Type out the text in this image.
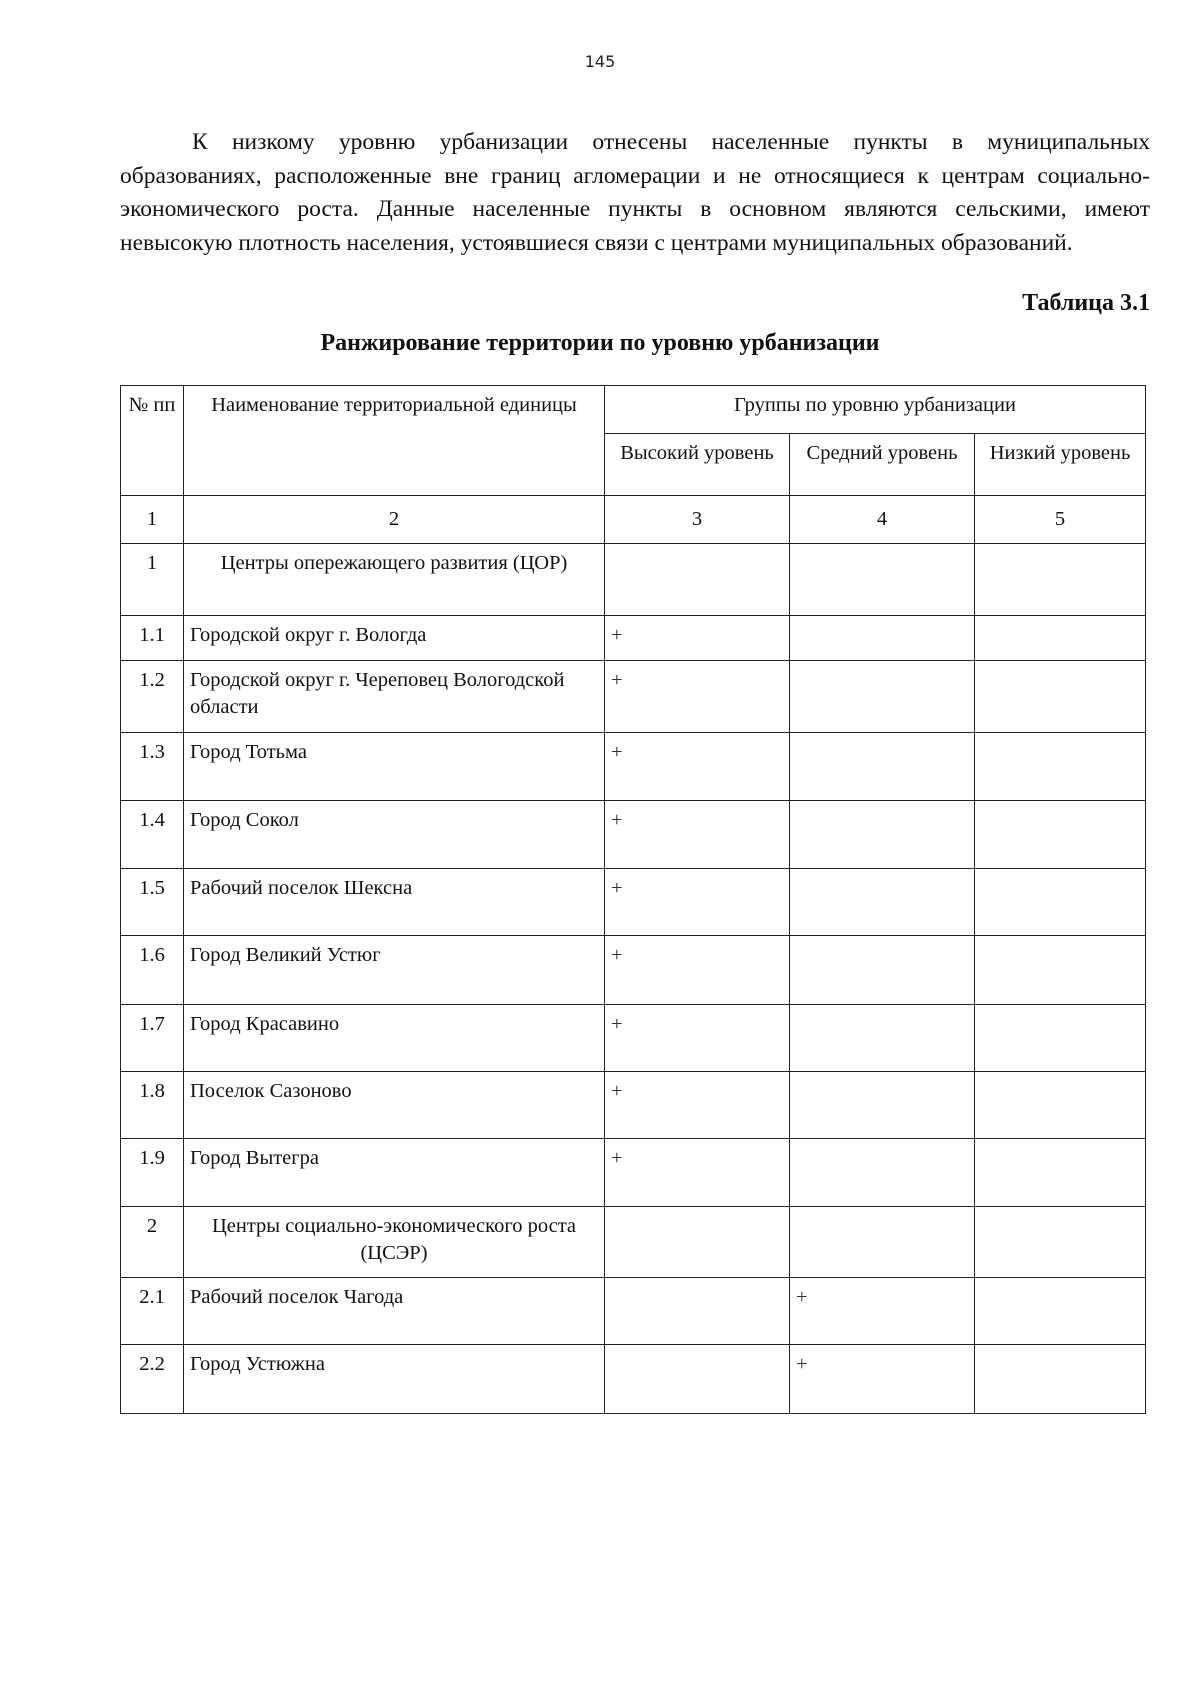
145

К низкому уровню урбанизации отнесены населенные пункты в муниципальных образованиях, расположенные вне границ агломерации и не относящиеся к центрам социально-экономического роста. Данные населенные пункты в основном являются сельскими, имеют невысокую плотность населения, устоявшиеся связи с центрами муниципальных образований.

Таблица 3.1
Ранжирование территории по уровню урбанизации
№ пп	Наименование территориальной единицы	Группы по уровню урбанизации		
		Высокий уровень	Средний уровень	Низкий уровень
1	2	3	4	5
1	Центры опережающего развития (ЦОР)			
1.1	Городской округ г. Вологда	+		
1.2	Городской округ г. Череповец Вологодской области	+		
1.3	Город Тотьма	+		
1.4	Город Сокол	+		
1.5	Рабочий поселок Шексна	+		
1.6	Город Великий Устюг	+		
1.7	Город Красавино	+		
1.8	Поселок Сазоново	+		
1.9	Город Вытегра	+		
2	Центры социально-экономического роста (ЦСЭР)			
2.1	Рабочий поселок Чагода		+	
2.2	Город Устюжна		+	
